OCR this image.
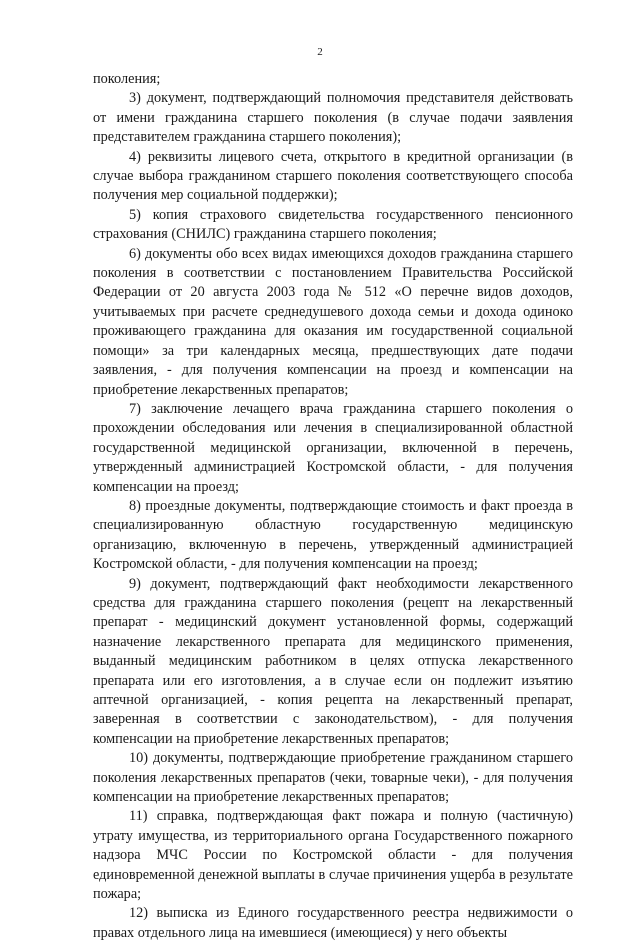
2

поколения;

3) документ, подтверждающий полномочия представителя действовать от имени гражданина старшего поколения (в случае подачи заявления представителем гражданина старшего поколения);

4) реквизиты лицевого счета, открытого в кредитной организации (в случае выбора гражданином старшего поколения соответствующего способа получения мер социальной поддержки);

5) копия страхового свидетельства государственного пенсионного страхования (СНИЛС) гражданина старшего поколения;

6) документы обо всех видах имеющихся доходов гражданина старшего поколения в соответствии с постановлением Правительства Российской Федерации от 20 августа 2003 года № 512 «О перечне видов доходов, учитываемых при расчете среднедушевого дохода семьи и дохода одиноко проживающего гражданина для оказания им государственной социальной помощи» за три календарных месяца, предшествующих дате подачи заявления, - для получения компенсации на проезд и компенсации на приобретение лекарственных препаратов;

7) заключение лечащего врача гражданина старшего поколения о прохождении обследования или лечения в специализированной областной государственной медицинской организации, включенной в перечень, утвержденный администрацией Костромской области, - для получения компенсации на проезд;

8) проездные документы, подтверждающие стоимость и факт проезда в специализированную областную государственную медицинскую организацию, включенную в перечень, утвержденный администрацией Костромской области, - для получения компенсации на проезд;

9) документ, подтверждающий факт необходимости лекарственного средства для гражданина старшего поколения (рецепт на лекарственный препарат - медицинский документ установленной формы, содержащий назначение лекарственного препарата для медицинского применения, выданный медицинским работником в целях отпуска лекарственного препарата или его изготовления, а в случае если он подлежит изъятию аптечной организацией, - копия рецепта на лекарственный препарат, заверенная в соответствии с законодательством), - для получения компенсации на приобретение лекарственных препаратов;

10) документы, подтверждающие приобретение гражданином старшего поколения лекарственных препаратов (чеки, товарные чеки), - для получения компенсации на приобретение лекарственных препаратов;

11) справка, подтверждающая факт пожара и полную (частичную) утрату имущества, из территориального органа Государственного пожарного надзора МЧС России по Костромской области - для получения единовременной денежной выплаты в случае причинения ущерба в результате пожара;

12) выписка из Единого государственного реестра недвижимости о правах отдельного лица на имевшиеся (имеющиеся) у него объекты
